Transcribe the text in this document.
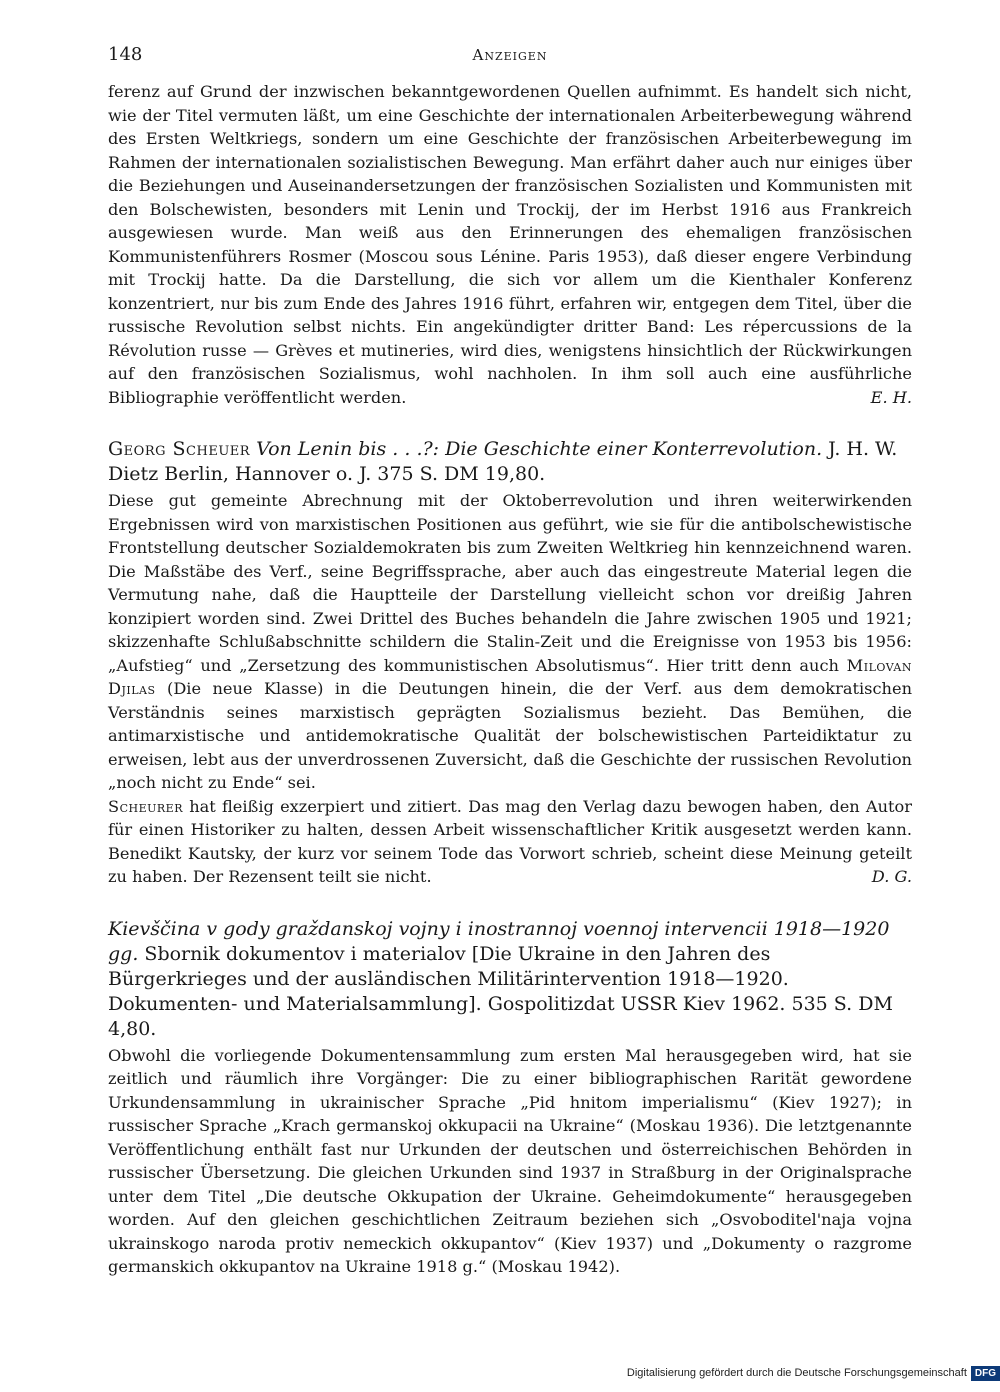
148	Anzeigen

ferenz auf Grund der inzwischen bekanntgewordenen Quellen aufnimmt. Es handelt sich nicht, wie der Titel vermuten läßt, um eine Geschichte der internationalen Arbeiterbewegung während des Ersten Weltkriegs, sondern um eine Geschichte der französischen Arbeiterbewegung im Rahmen der internationalen sozialistischen Bewegung. Man erfährt daher auch nur einiges über die Beziehungen und Auseinandersetzungen der französischen Sozialisten und Kommunisten mit den Bolschewisten, besonders mit Lenin und Trockij, der im Herbst 1916 aus Frankreich ausgewiesen wurde. Man weiß aus den Erinnerungen des ehemaligen französischen Kommunistenführers Rosmer (Moscou sous Lénine. Paris 1953), daß dieser engere Verbindung mit Trockij hatte. Da die Darstellung, die sich vor allem um die Kienthaler Konferenz konzentriert, nur bis zum Ende des Jahres 1916 führt, erfahren wir, entgegen dem Titel, über die russische Revolution selbst nichts. Ein angekündigter dritter Band: Les répercussions de la Révolution russe — Grèves et mutineries, wird dies, wenigstens hinsichtlich der Rückwirkungen auf den französischen Sozialismus, wohl nachholen. In ihm soll auch eine ausführliche Bibliographie veröffentlicht werden.	E. H.

Georg Scheuer Von Lenin bis . . .?: Die Geschichte einer Konterrevolution. J. H. W. Dietz Berlin, Hannover o. J. 375 S. DM 19,80.

Diese gut gemeinte Abrechnung mit der Oktoberrevolution und ihren weiterwirkenden Ergebnissen wird von marxistischen Positionen aus geführt, wie sie für die antibolschewistische Frontstellung deutscher Sozialdemokraten bis zum Zweiten Weltkrieg hin kennzeichnend waren. Die Maßstäbe des Verf., seine Begriffssprache, aber auch das eingestreute Material legen die Vermutung nahe, daß die Hauptteile der Darstellung vielleicht schon vor dreißig Jahren konzipiert worden sind. Zwei Drittel des Buches behandeln die Jahre zwischen 1905 und 1921; skizzenhafte Schlußabschnitte schildern die Stalin-Zeit und die Ereignisse von 1953 bis 1956: „Aufstieg“ und „Zersetzung des kommunistischen Absolutismus“. Hier tritt denn auch Milovan Djilas (Die neue Klasse) in die Deutungen hinein, die der Verf. aus dem demokratischen Verständnis seines marxistisch geprägten Sozialismus bezieht. Das Bemühen, die antimarxistische und antidemokratische Qualität der bolschewistischen Parteidiktatur zu erweisen, lebt aus der unverdrossenen Zuversicht, daß die Geschichte der russischen Revolution „noch nicht zu Ende“ sei.

Scheurer hat fleißig exzerpiert und zitiert. Das mag den Verlag dazu bewogen haben, den Autor für einen Historiker zu halten, dessen Arbeit wissenschaftlicher Kritik ausgesetzt werden kann. Benedikt Kautsky, der kurz vor seinem Tode das Vorwort schrieb, scheint diese Meinung geteilt zu haben. Der Rezensent teilt sie nicht.	D. G.

Kievščina v gody graždanskoj vojny i inostrannoj voennoj intervencii 1918—1920 gg. Sbornik dokumentov i materialov [Die Ukraine in den Jahren des Bürgerkrieges und der ausländischen Militärintervention 1918—1920. Dokumenten- und Materialsammlung]. Gospolitizdat USSR Kiev 1962. 535 S. DM 4,80.

Obwohl die vorliegende Dokumentensammlung zum ersten Mal herausgegeben wird, hat sie zeitlich und räumlich ihre Vorgänger: Die zu einer bibliographischen Rarität gewordene Urkundensammlung in ukrainischer Sprache „Pid hnitom imperialismu“ (Kiev 1927); in russischer Sprache „Krach germanskoj okkupacii na Ukraine“ (Moskau 1936). Die letztgenannte Veröffentlichung enthält fast nur Urkunden der deutschen und österreichischen Behörden in russischer Übersetzung. Die gleichen Urkunden sind 1937 in Straßburg in der Originalsprache unter dem Titel „Die deutsche Okkupation der Ukraine. Geheimdokumente“ herausgegeben worden. Auf den gleichen geschichtlichen Zeitraum beziehen sich „Osvoboditel'naja vojna ukrainskogo naroda protiv nemeckich okkupantov“ (Kiev 1937) und „Dokumenty o razgrome germanskich okkupantov na Ukraine 1918 g.“ (Moskau 1942).

Digitalisierung gefördert durch die Deutsche Forschungsgemeinschaft DFG
